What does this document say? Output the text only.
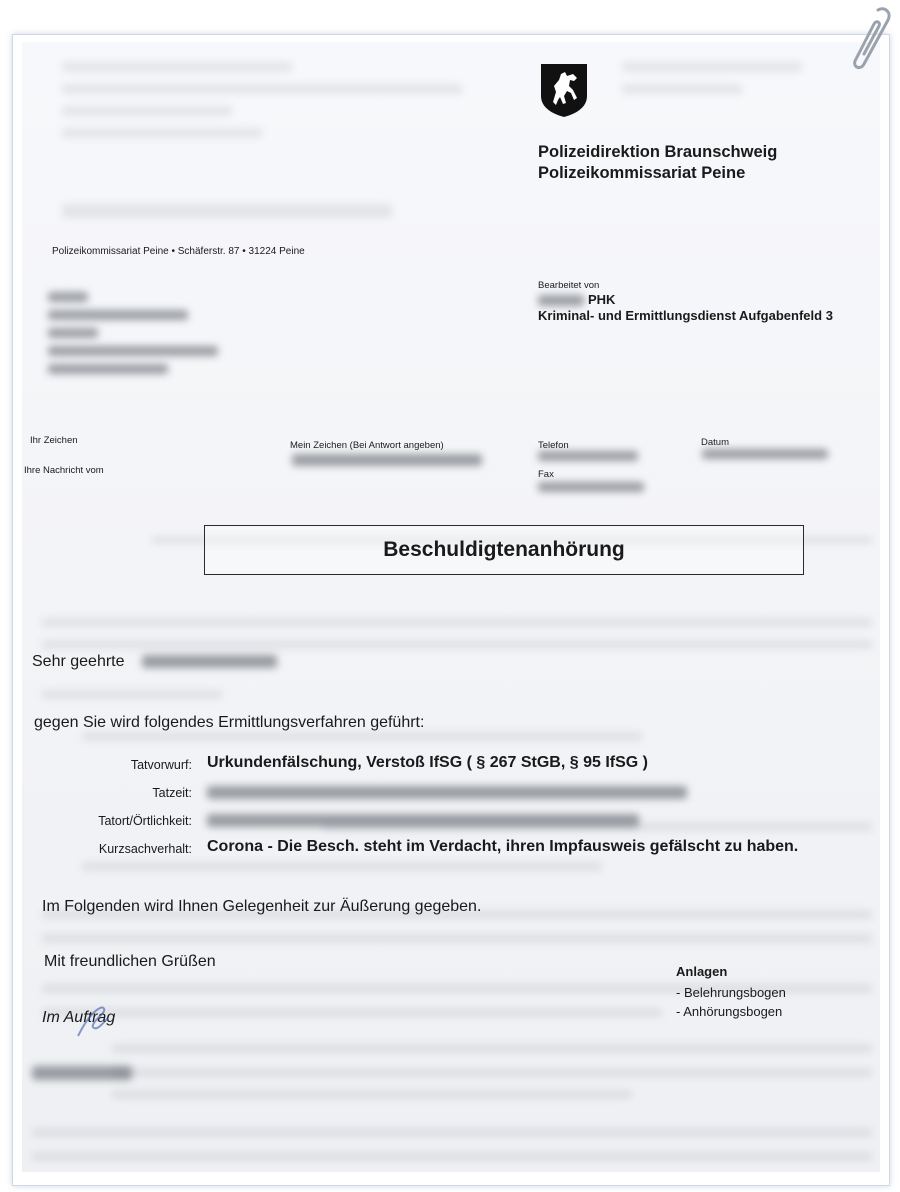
Polizeidirektion Braunschweig
Polizeikommissariat Peine
Polizeikommissariat Peine • Schäferstr. 87 • 31224 Peine
Bearbeitet von
PHK
Kriminal- und Ermittlungsdienst Aufgabenfeld 3
Ihr Zeichen
Ihre Nachricht vom
Mein Zeichen (Bei Antwort angeben)	Telefon
Fax
Datum
Beschuldigtenanhörung
Sehr geehrte
gegen Sie wird folgendes Ermittlungsverfahren geführt:
Tatvorwurf: Urkundenfälschung, Verstoß IfSG ( § 267 StGB, § 95 IfSG )
Tatzeit:
Tatort/Örtlichkeit:
Kurzsachverhalt: Corona - Die Besch. steht im Verdacht, ihren Impfausweis gefälscht zu haben.
Im Folgenden wird Ihnen Gelegenheit zur Äußerung gegeben.
Mit freundlichen Grüßen
Im Auftrag
Anlagen
- Belehrungsbogen
- Anhörungsbogen
